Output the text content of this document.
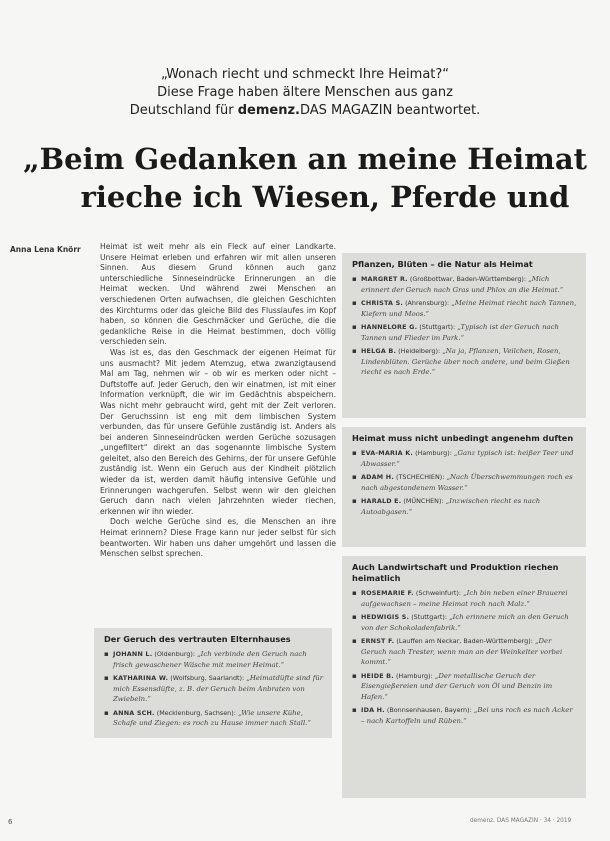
„Wonach riecht und schmeckt Ihre Heimat?“
Diese Frage haben ältere Menschen aus ganz
Deutschland für demenz.DAS MAGAZIN beantwortet.
„Beim Gedanken an meine Heimat
rieche ich Wiesen, Pferde und
Anna Lena Knörr	Heimat ist weit mehr als ein Fleck auf einer Landkarte. Unsere Heimat erleben und erfahren wir mit allen unseren Sinnen. Aus diesem Grund können auch ganz unterschiedliche Sinneseindrücke Erinnerungen an die Heimat wecken. Und während zwei Menschen an verschiedenen Orten aufwachsen, die gleichen Geschichten des Kirchturms oder das gleiche Bild des Flusslaufes im Kopf haben, so können die Geschmäcker und Gerüche, die die gedankliche Reise in die Heimat bestimmen, doch völlig verschieden sein.

Was ist es, das den Geschmack der eigenen Heimat für uns ausmacht? Mit jedem Atemzug, etwa zwanzigtausend Mal am Tag, nehmen wir – ob wir es merken oder nicht – Duftstoffe auf. Jeder Geruch, den wir einatmen, ist mit einer Information verknüpft, die wir im Gedächtnis abspeichern. Was nicht mehr gebraucht wird, geht mit der Zeit verloren. Der Geruchssinn ist eng mit dem limbischen System verbunden, das für unsere Gefühle zuständig ist. Anders als bei anderen Sinneseindrücken werden Gerüche sozusagen „ungefiltert“ direkt an das sogenannte limbische System geleitet, also den Bereich des Gehirns, der für unsere Gefühle zuständig ist. Wenn ein Geruch aus der Kindheit plötzlich wieder da ist, werden damit häufig intensive Gefühle und Erinnerungen wachgerufen. Selbst wenn wir den gleichen Geruch dann nach vielen Jahrzehnten wieder riechen, erkennen wir ihn wieder.

Doch welche Gerüche sind es, die Menschen an ihre Heimat erinnern? Diese Frage kann nur jeder selbst für sich beantworten. Wir haben uns daher umgehört und lassen die Menschen selbst sprechen.

Der Geruch des vertrauten Elternhauses
▪ JOHANN L. (Oldenburg): „Ich verbinde den Geruch nach frisch gewaschener Wäsche mit meiner Heimat.“
▪ KATHARINA W. (Wolfsburg, Saarlandt): „Heimatdüfte sind für mich Essensdüfte, z. B. der Geruch beim Anbraten von Zwiebeln.“
▪ ANNA SCH. (Mecklenburg, Sachsen): „Wie unsere Kühe, Schafe und Ziegen: es roch zu Hause immer nach Stall.“
Pflanzen, Blüten – die Natur als Heimat
▪ MARGRET R. (Großbottwar, Baden-Württemberg): „Mich erinnert der Geruch nach Gras und Phlox an die Heimat.“
▪ CHRISTA S. (Ahrensburg): „Meine Heimat riecht nach Tannen, Kiefern und Moos.“
▪ HANNELORE G. (Stuttgart): „Typisch ist der Geruch nach Tannen und Flieder im Park.“
▪ HELGA B. (Heidelberg): „Na ja, Pflanzen, Veilchen, Rosen, Lindenblüten. Gerüche über noch andere, und beim Gießen riecht es nach Erde.“
Heimat muss nicht unbedingt angenehm duften
▪ EVA-MARIA K. (Hamburg): „Ganz typisch ist: heißer Teer und Abwasser.“
▪ ADAM H. (TSCHECHIEN): „Nach Überschwemmungen roch es nach abgestandenem Wasser.“
▪ HARALD E. (MÜNCHEN): „Inzwischen riecht es nach Autoabgasen.“
Auch Landwirtschaft und Produktion riechen heimatlich
▪ ROSEMARIE F. (Schweinfurt): „Ich bin neben einer Brauerei aufgewachsen – meine Heimat roch nach Malz.“
▪ HEDWIGIS S. (Stuttgart): „Ich erinnere mich an den Geruch von der Schokoladenfabrik.“
▪ ERNST F. (Lauffen am Neckar, Baden-Württemberg): „Der Geruch nach Trester, wenn man an der Weinkelter vorbei kommt.“
▪ HEIDE B. (Hamburg): „Der metallische Geruch der Eisengießereien und der Geruch von Öl und Benzin im Hafen.“
▪ IDA H. (Bonnsenhausen, Bayern): „Bei uns roch es nach Acker – nach Kartoffeln und Rüben.“
6	demenz. DAS MAGAZIN · 34 · 2019
